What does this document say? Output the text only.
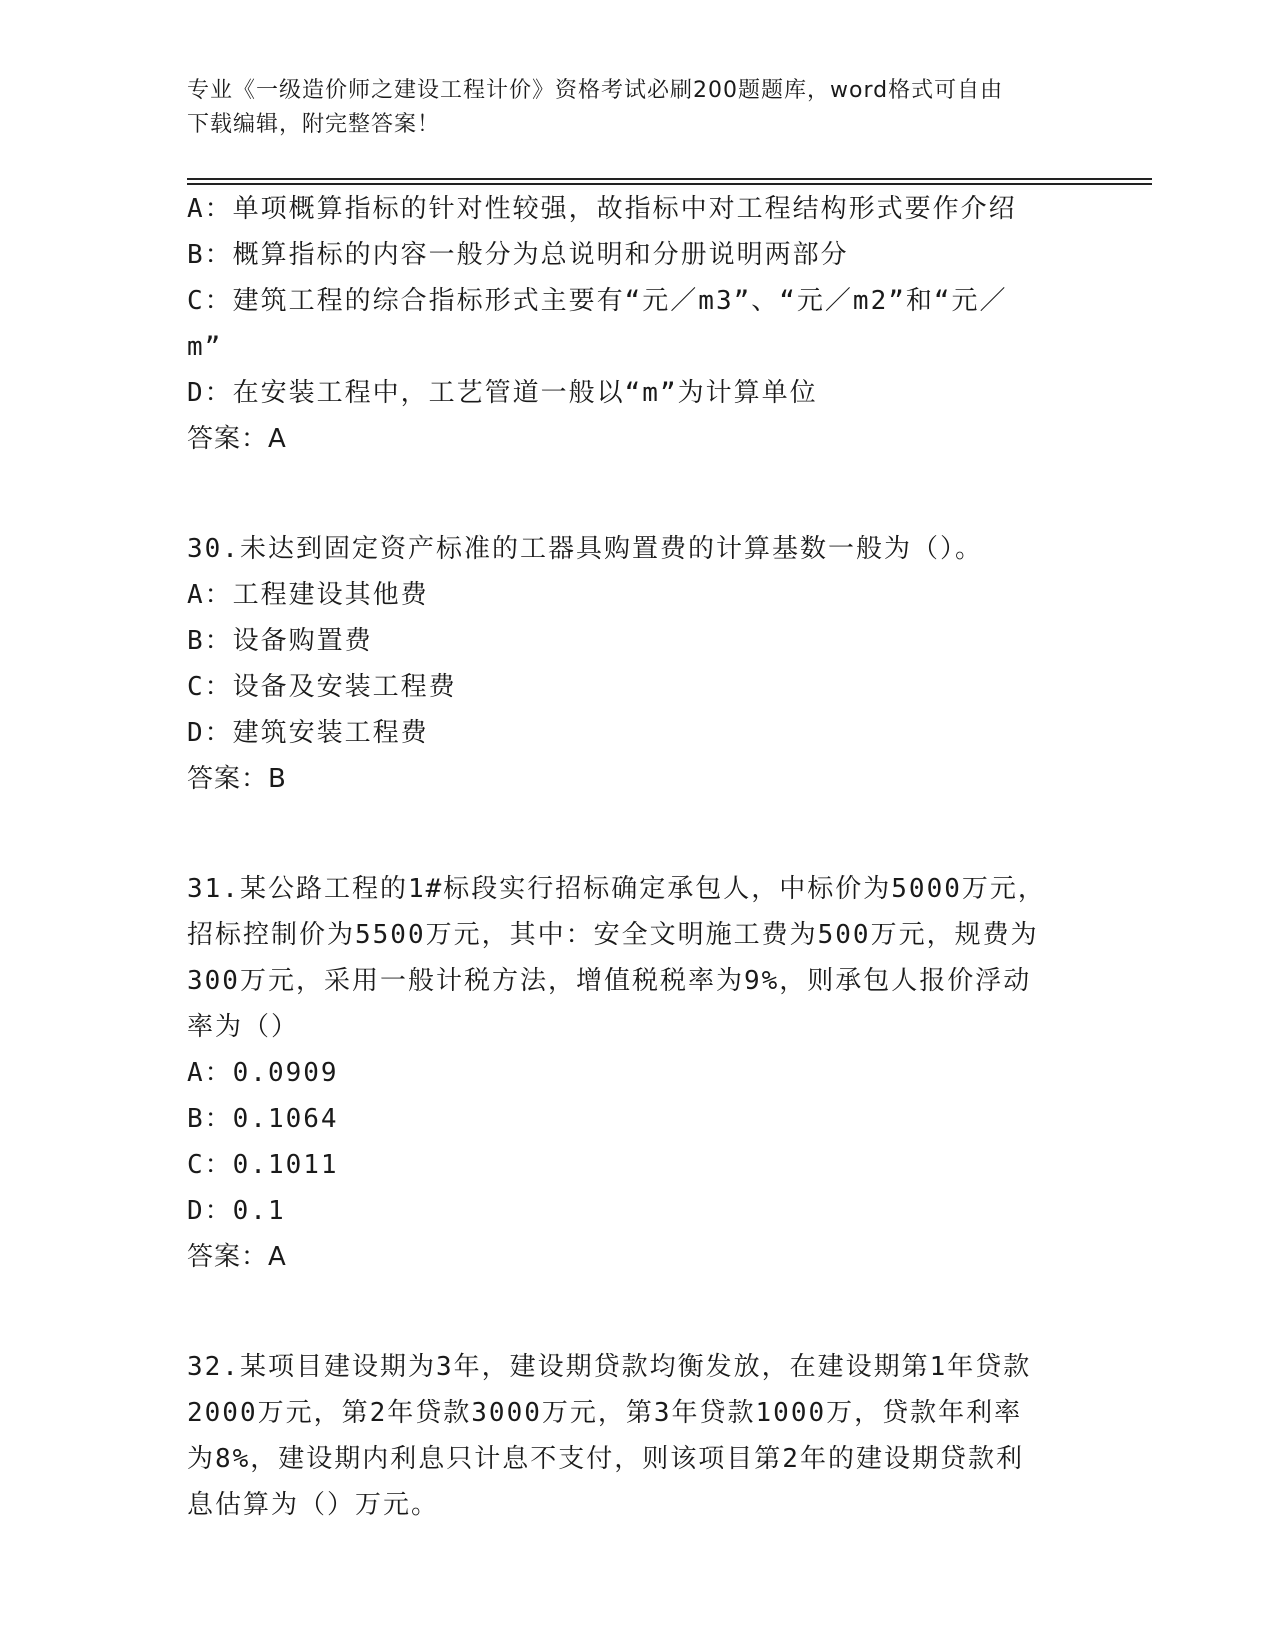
专业《一级造价师之建设工程计价》资格考试必刷200题题库，word格式可自由
下载编辑，附完整答案！
A：单项概算指标的针对性较强，故指标中对工程结构形式要作介绍
B：概算指标的内容一般分为总说明和分册说明两部分
C：建筑工程的综合指标形式主要有“元／m3”、“元／m2”和“元／
m”
D：在安装工程中，工艺管道一般以“m”为计算单位
答案：A
30.未达到固定资产标准的工器具购置费的计算基数一般为（）。
A：工程建设其他费
B：设备购置费
C：设备及安装工程费
D：建筑安装工程费
答案：B
31.某公路工程的1#标段实行招标确定承包人，中标价为5000万元，
招标控制价为5500万元，其中：安全文明施工费为500万元，规费为
300万元，采用一般计税方法，增值税税率为9%，则承包人报价浮动
率为（）
A：0.0909
B：0.1064
C：0.1011
D：0.1
答案：A
32.某项目建设期为3年，建设期贷款均衡发放，在建设期第1年贷款
2000万元，第2年贷款3000万元，第3年贷款1000万，贷款年利率
为8%，建设期内利息只计息不支付，则该项目第2年的建设期贷款利
息估算为（）万元。
